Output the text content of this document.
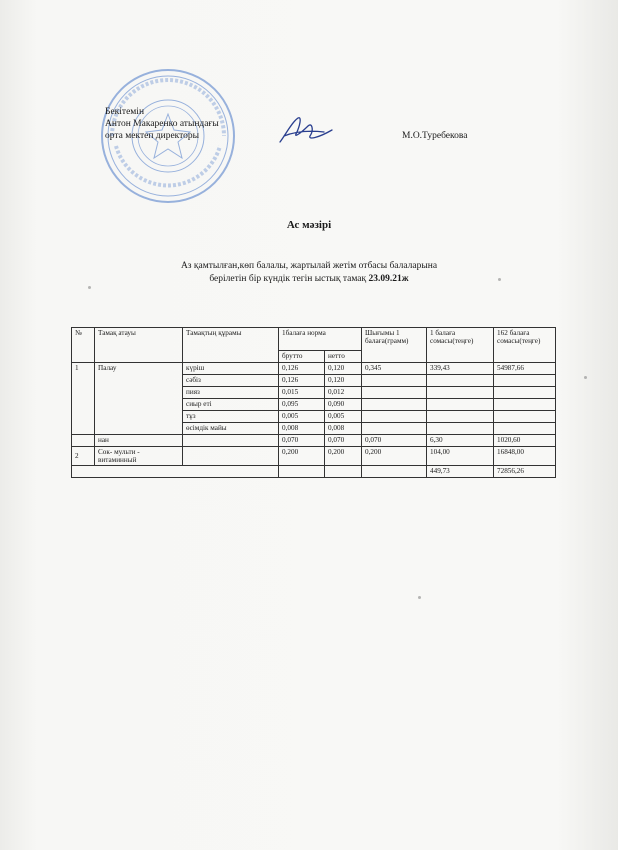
Бекітемін
Антон Макаренко атындағы
орта мектеп директоры	М.О.Туребекова
Ас мәзірі
Аз қамтылған,көп балалы, жартылай жетім отбасы балаларына
берілетін бір күндік тегін ыстық тамақ 23.09.21ж
№	Тамақ атауы	Тамақтың құрамы	1балаға норма		Шығымы 1 балаға(грамм)	1 балаға сомасы(теңге)	162 балаға сомасы(теңге)
			брутто	нетто			
1	Палау	күріш	0,126	0,120	0,345	339,43	54987,66
		сәбіз	0,126	0,120			
		пияз	0,015	0,012			
		сиыр еті	0,095	0,090			
		тұз	0,005	0,005			
		өсімдік майы	0,008	0,008			
	нан		0,070	0,070	0,070	6,30	1020,60
2	Сок- мульти - витаминный		0,200	0,200	0,200	104,00	16848,00
						449,73	72856,26
